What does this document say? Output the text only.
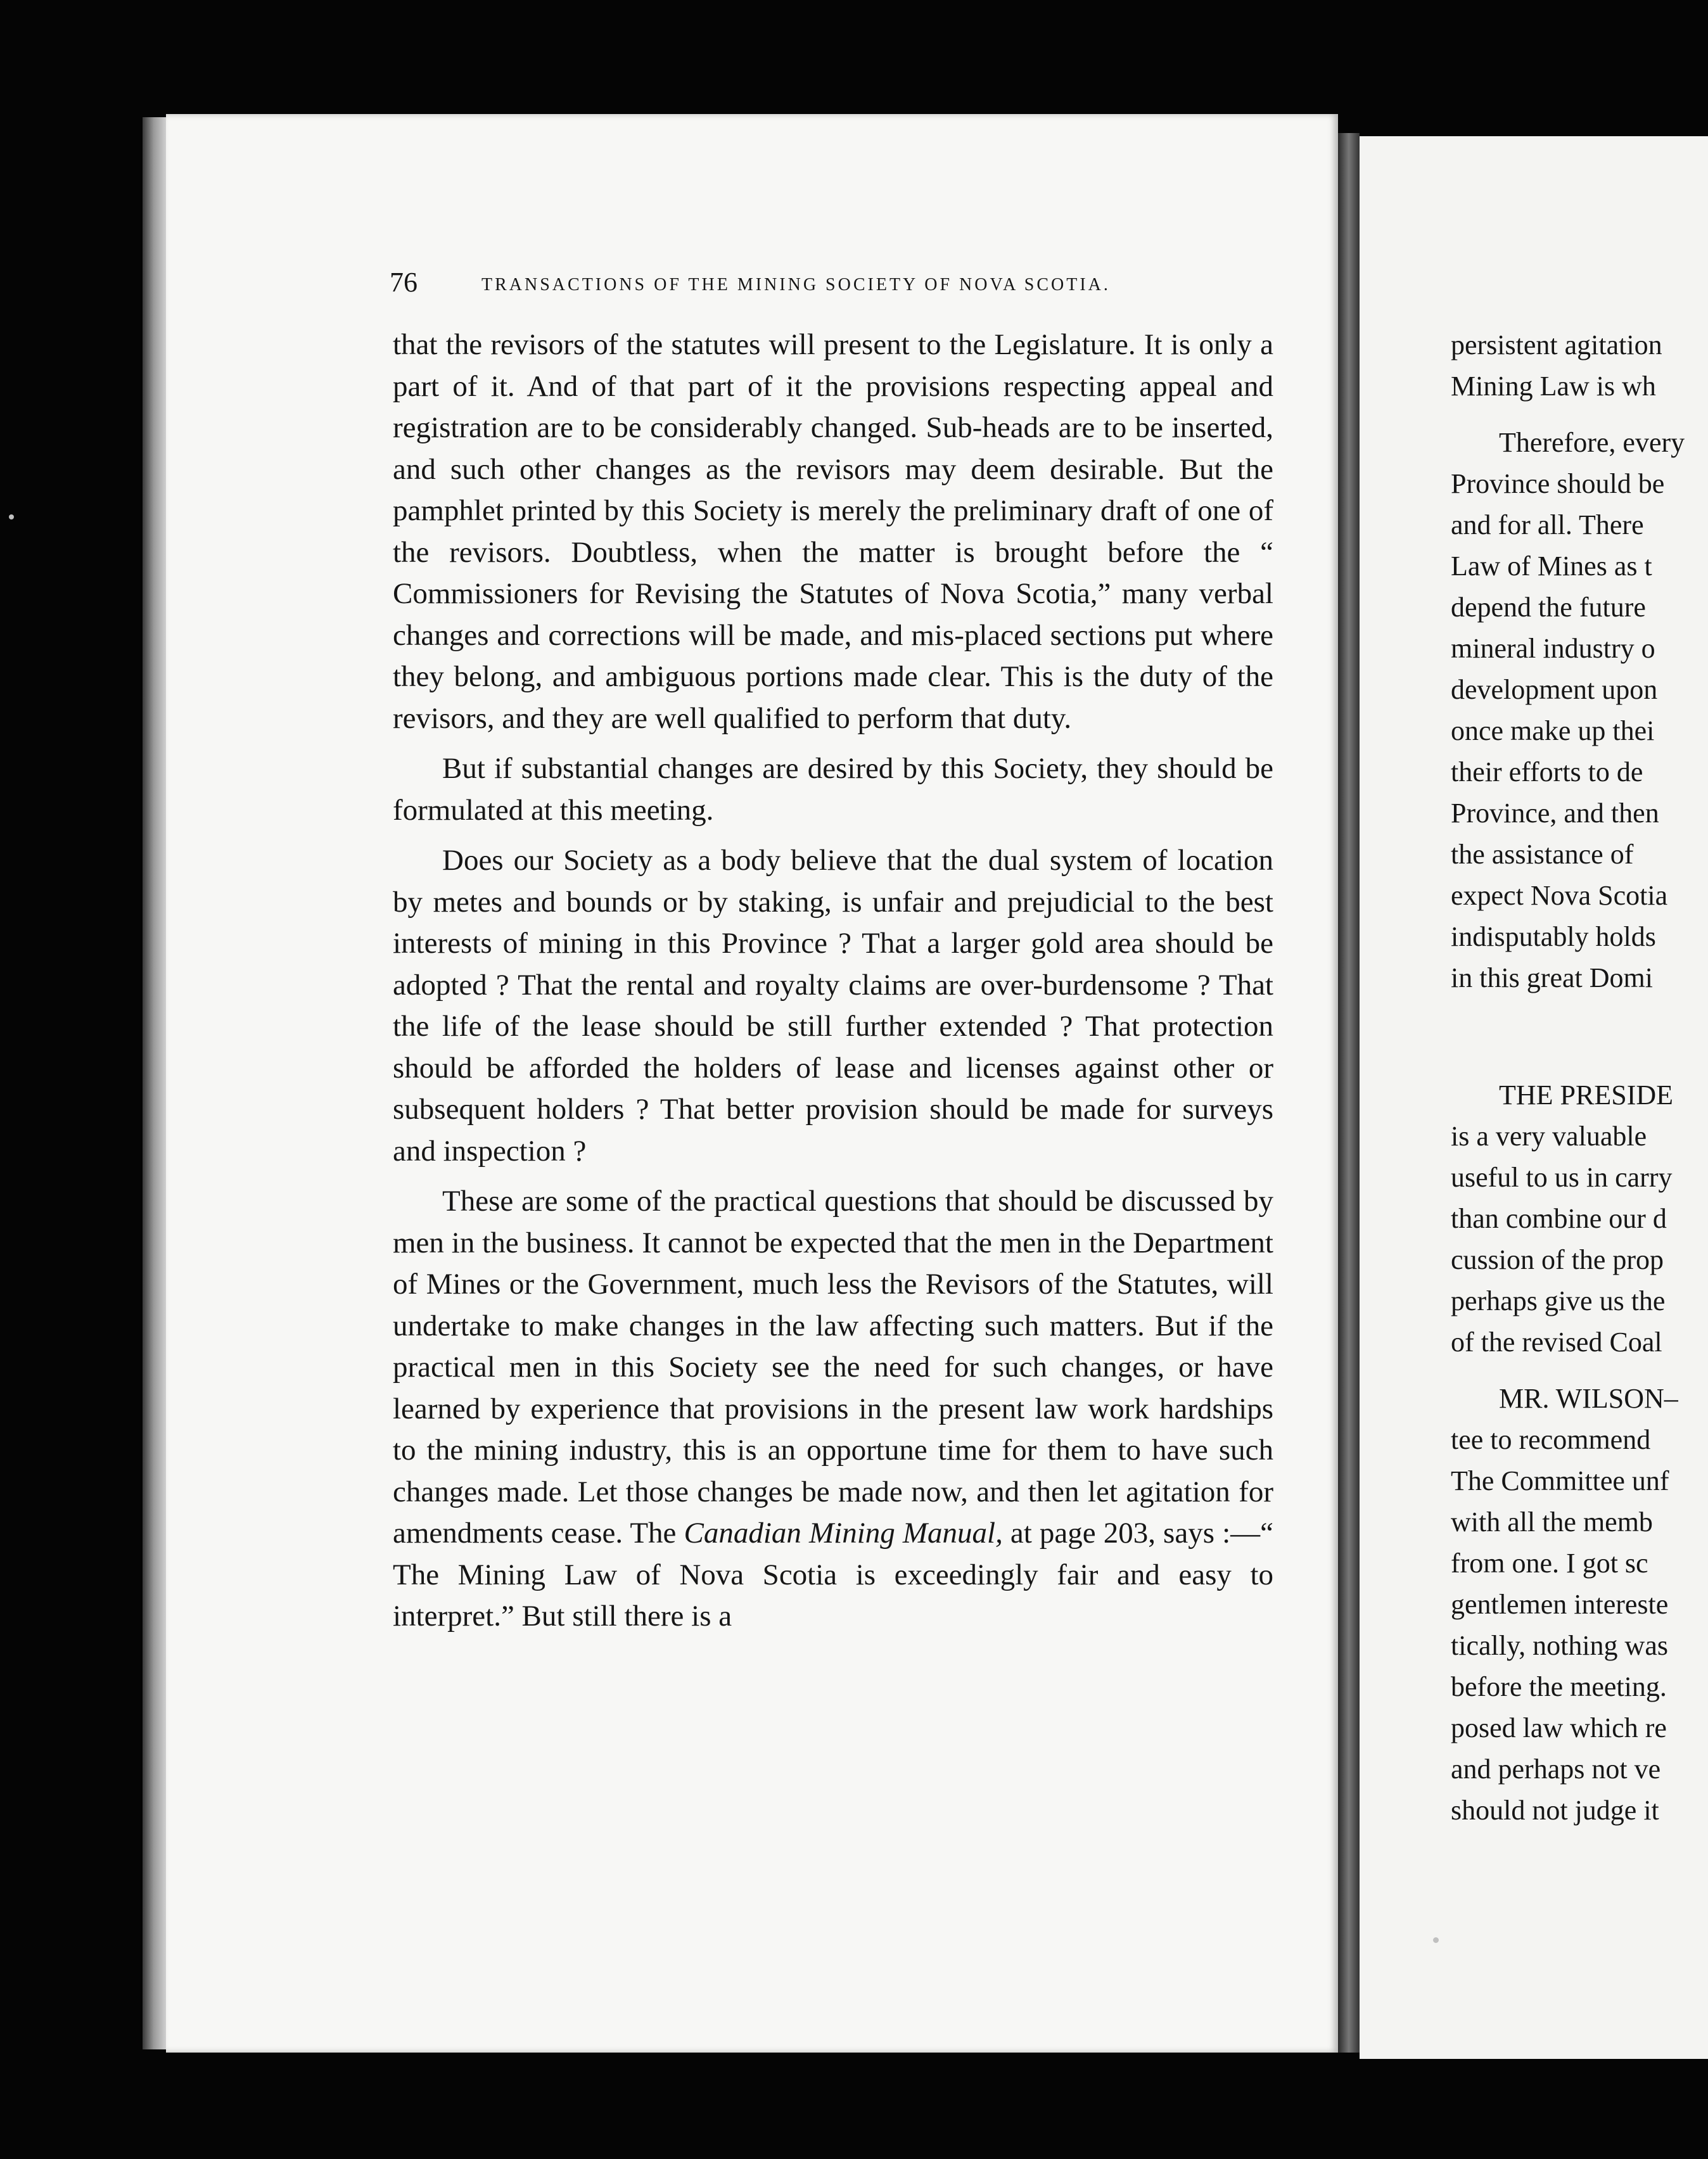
76	TRANSACTIONS OF THE MINING SOCIETY OF NOVA SCOTIA.

that the revisors of the statutes will present to the Legislature. It is only a part of it. And of that part of it the provisions respecting appeal and registration are to be considerably changed. Sub-heads are to be inserted, and such other changes as the revisors may deem desirable. But the pamphlet printed by this Society is merely the preliminary draft of one of the revisors. Doubtless, when the matter is brought before the “ Commissioners for Revising the Statutes of Nova Scotia,” many verbal changes and corrections will be made, and mis-placed sections put where they belong, and ambiguous portions made clear. This is the duty of the revisors, and they are well qualified to perform that duty.

But if substantial changes are desired by this Society, they should be formulated at this meeting.

Does our Society as a body believe that the dual system of location by metes and bounds or by staking, is unfair and prejudicial to the best interests of mining in this Province ? That a larger gold area should be adopted ? That the rental and royalty claims are over-burdensome ? That the life of the lease should be still further extended ? That protection should be afforded the holders of lease and licenses against other or subsequent holders ? That better provision should be made for surveys and inspection ?

These are some of the practical questions that should be discussed by men in the business. It cannot be expected that the men in the Department of Mines or the Government, much less the Revisors of the Statutes, will undertake to make changes in the law affecting such matters. But if the practical men in this Society see the need for such changes, or have learned by experience that provisions in the present law work hardships to the mining industry, this is an opportune time for them to have such changes made. Let those changes be made now, and then let agitation for amendments cease. The Canadian Mining Manual, at page 203, says :—“ The Mining Law of Nova Scotia is exceedingly fair and easy to interpret.” But still there is a

persistent agitation
Mining Law is wh
Therefore, every
Province should be
and for all. There
Law of Mines as t
depend the future
mineral industry o
development upon
once make up thei
their efforts to de
Province, and then
the assistance of
expect Nova Scotia
indisputably holds
in this great Domi
THE PRESIDE
is a very valuable
useful to us in carry
than combine our d
cussion of the prop
perhaps give us the
of the revised Coal
MR. WILSON–
tee to recommend
The Committee unf
with all the memb
from one. I got sc
gentlemen intereste
tically, nothing was
before the meeting.
posed law which re
and perhaps not ve
should not judge it
